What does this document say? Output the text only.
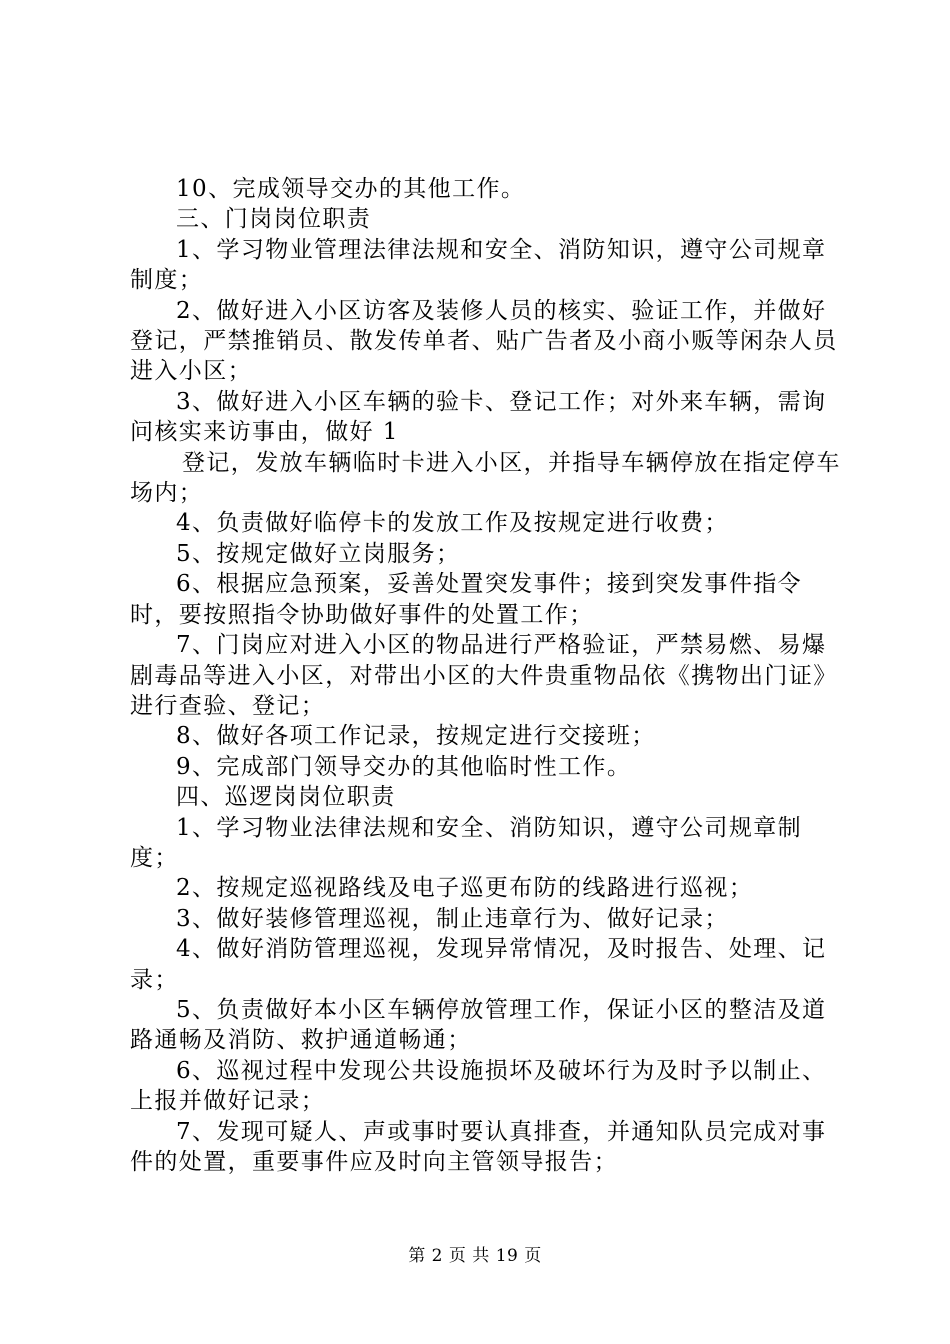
10、完成领导交办的其他工作。

三、门岗岗位职责

1、学习物业管理法律法规和安全、消防知识，遵守公司规章制度；

2、做好进入小区访客及装修人员的核实、验证工作，并做好登记，严禁推销员、散发传单者、贴广告者及小商小贩等闲杂人员进入小区；

3、做好进入小区车辆的验卡、登记工作；对外来车辆，需询问核实来访事由，做好 1

登记，发放车辆临时卡进入小区，并指导车辆停放在指定停车场内；

4、负责做好临停卡的发放工作及按规定进行收费；

5、按规定做好立岗服务；

6、根据应急预案，妥善处置突发事件；接到突发事件指令时，要按照指令协助做好事件的处置工作；

7、门岗应对进入小区的物品进行严格验证，严禁易燃、易爆剧毒品等进入小区，对带出小区的大件贵重物品依《携物出门证》进行查验、登记；

8、做好各项工作记录，按规定进行交接班；

9、完成部门领导交办的其他临时性工作。

四、巡逻岗岗位职责

1、学习物业法律法规和安全、消防知识，遵守公司规章制度；

2、按规定巡视路线及电子巡更布防的线路进行巡视；

3、做好装修管理巡视，制止违章行为、做好记录；

4、做好消防管理巡视，发现异常情况，及时报告、处理、记录；

5、负责做好本小区车辆停放管理工作，保证小区的整洁及道路通畅及消防、救护通道畅通；

6、巡视过程中发现公共设施损坏及破坏行为及时予以制止、上报并做好记录；

7、发现可疑人、声或事时要认真排查，并通知队员完成对事件的处置，重要事件应及时向主管领导报告；

第 2 页 共 19 页
